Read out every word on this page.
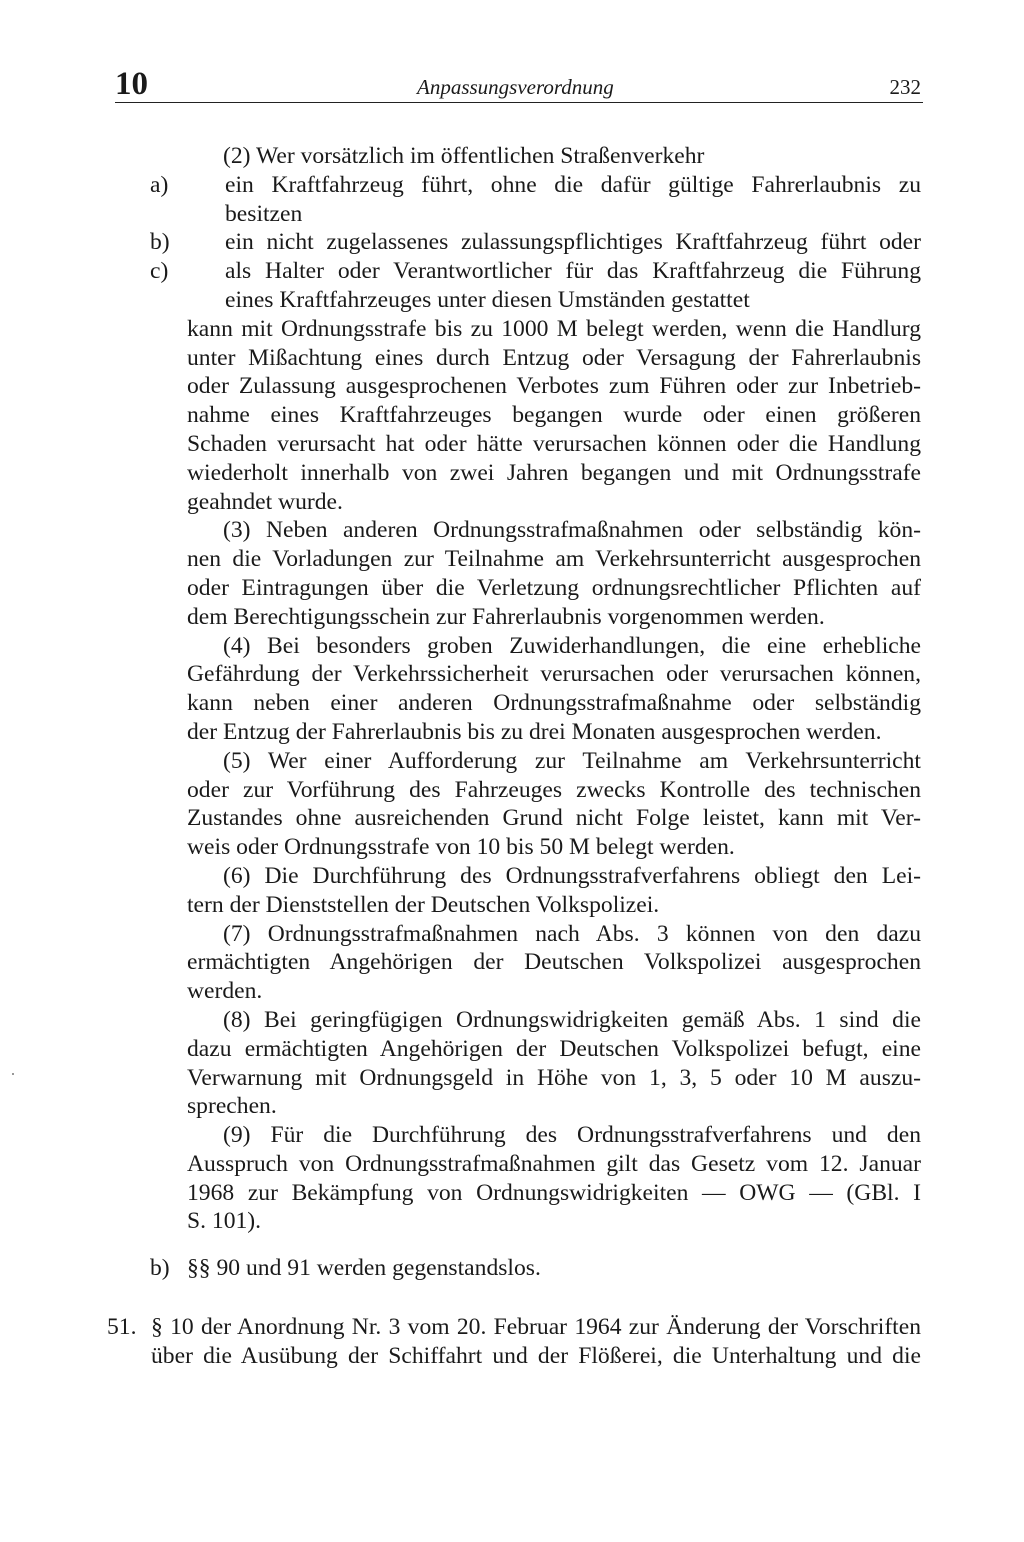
10	Anpassungsverordnung	232
(2) Wer vorsätzlich im öffentlichen Straßenverkehr
a)	ein Kraftfahrzeug führt, ohne die dafür gültige Fahrerlaubnis zu
besitzen
b)	ein nicht zugelassenes zulassungspflichtiges Kraftfahrzeug führt oder
c)	als Halter oder Verantwortlicher für das Kraftfahrzeug die Führung
eines Kraftfahrzeuges unter diesen Umständen gestattet
kann mit Ordnungsstrafe bis zu 1000 M belegt werden, wenn die Handlurg
unter Mißachtung eines durch Entzug oder Versagung der Fahrerlaubnis
oder Zulassung ausgesprochenen Verbotes zum Führen oder zur Inbetrieb-
nahme eines Kraftfahrzeuges begangen wurde oder einen größeren
Schaden verursacht hat oder hätte verursachen können oder die Handlung
wiederholt innerhalb von zwei Jahren begangen und mit Ordnungsstrafe
geahndet wurde.
(3) Neben anderen Ordnungsstrafmaßnahmen oder selbständig kön-
nen die Vorladungen zur Teilnahme am Verkehrsunterricht ausgesprochen
oder Eintragungen über die Verletzung ordnungsrechtlicher Pflichten auf
dem Berechtigungsschein zur Fahrerlaubnis vorgenommen werden.
(4) Bei besonders groben Zuwiderhandlungen, die eine erhebliche
Gefährdung der Verkehrssicherheit verursachen oder verursachen können,
kann neben einer anderen Ordnungsstrafmaßnahme oder selbständig
der Entzug der Fahrerlaubnis bis zu drei Monaten ausgesprochen werden.
(5) Wer einer Aufforderung zur Teilnahme am Verkehrsunterricht
oder zur Vorführung des Fahrzeuges zwecks Kontrolle des technischen
Zustandes ohne ausreichenden Grund nicht Folge leistet, kann mit Ver-
weis oder Ordnungsstrafe von 10 bis 50 M belegt werden.
(6) Die Durchführung des Ordnungsstrafverfahrens obliegt den Lei-
tern der Dienststellen der Deutschen Volkspolizei.
(7) Ordnungsstrafmaßnahmen nach Abs. 3 können von den dazu
ermächtigten Angehörigen der Deutschen Volkspolizei ausgesprochen
werden.
(8) Bei geringfügigen Ordnungswidrigkeiten gemäß Abs. 1 sind die
dazu ermächtigten Angehörigen der Deutschen Volkspolizei befugt, eine
Verwarnung mit Ordnungsgeld in Höhe von 1, 3, 5 oder 10 M auszu-
sprechen.
(9) Für die Durchführung des Ordnungsstrafverfahrens und den
Ausspruch von Ordnungsstrafmaßnahmen gilt das Gesetz vom 12. Januar
1968 zur Bekämpfung von Ordnungswidrigkeiten — OWG — (GBl. I
S. 101).
b) §§ 90 und 91 werden gegenstandslos.
51. § 10 der Anordnung Nr. 3 vom 20. Februar 1964 zur Änderung der Vorschriften
über die Ausübung der Schiffahrt und der Flößerei, die Unterhaltung und die
